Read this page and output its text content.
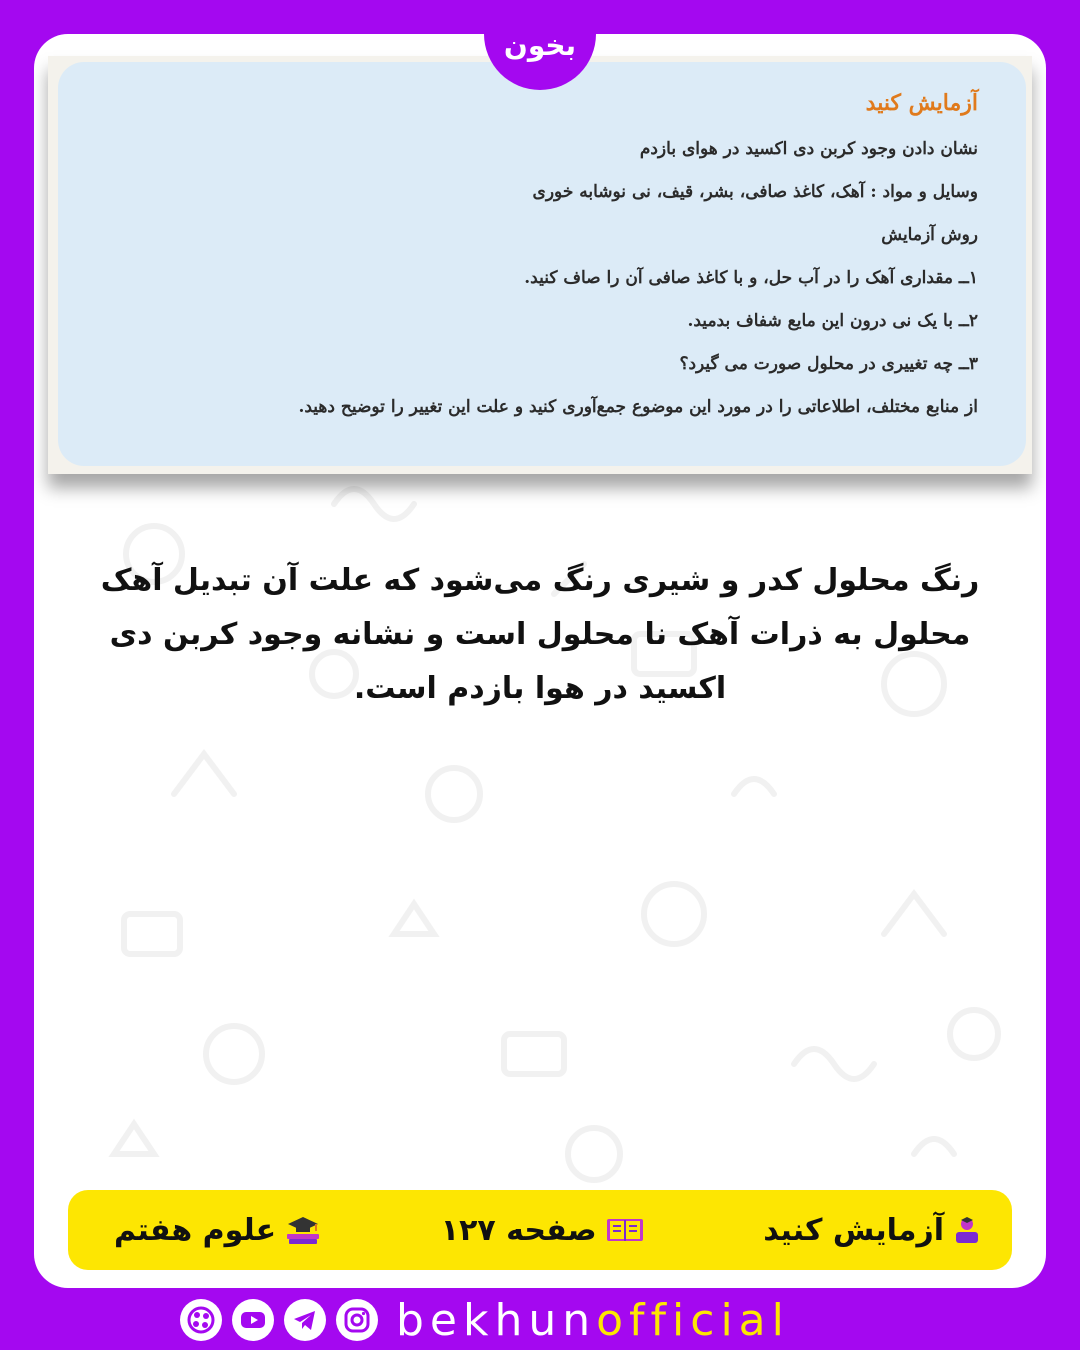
آزمایش کنید
نشان دادن وجود کربن دی اکسید در هوای بازدم
وسایل و مواد : آهک، کاغذ صافی، بشر، قیف، نی نوشابه خوری
روش آزمایش
۱ــ مقداری آهک را در آب حل، و با کاغذ صافی آن را صاف کنید.
۲ــ با یک نی درون این مایع شفاف بدمید.
۳ــ چه تغییری در محلول صورت می گیرد؟
از منابع مختلف، اطلاعاتی را در مورد این موضوع جمع‌آوری کنید و علت این تغییر را توضیح دهید.
رنگ محلول کدر و شیری رنگ می‌شود که علت آن تبدیل آهک محلول به ذرات آهک نا محلول است و نشانه وجود کربن دی اکسید در هوا بازدم است.
آزمایش کنید
صفحه ۱۲۷
علوم هفتم
بخون
bekhunofficial
